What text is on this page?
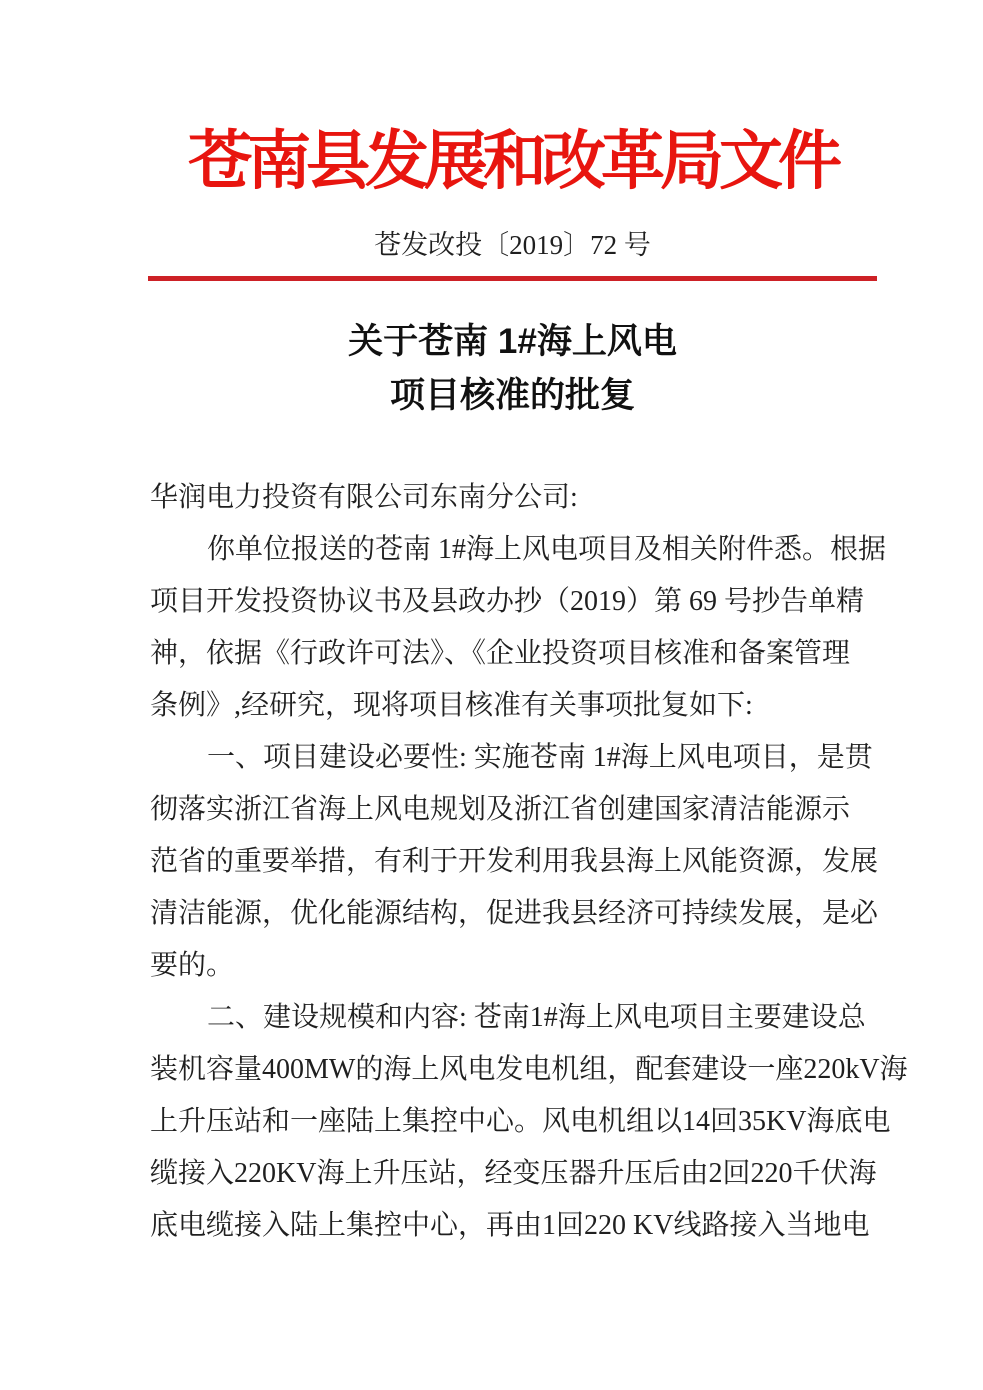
苍南县发展和改革局文件
苍发改投〔2019〕72 号
关于苍南 1#海上风电
项目核准的批复
华润电力投资有限公司东南分公司:
你单位报送的苍南 1#海上风电项目及相关附件悉。根据
项目开发投资协议书及县政办抄（2019）第 69 号抄告单精
神，依据《行政许可法》、《企业投资项目核准和备案管理
条例》,经研究，现将项目核准有关事项批复如下:
一、项目建设必要性: 实施苍南 1#海上风电项目，是贯
彻落实浙江省海上风电规划及浙江省创建国家清洁能源示
范省的重要举措，有利于开发利用我县海上风能资源，发展
清洁能源，优化能源结构，促进我县经济可持续发展，是必
要的。
二、建设规模和内容: 苍南1#海上风电项目主要建设总
装机容量400MW的海上风电发电机组，配套建设一座220kV海
上升压站和一座陆上集控中心。风电机组以14回35KV海底电
缆接入220KV海上升压站，经变压器升压后由2回220千伏海
底电缆接入陆上集控中心，再由1回220 KV线路接入当地电
